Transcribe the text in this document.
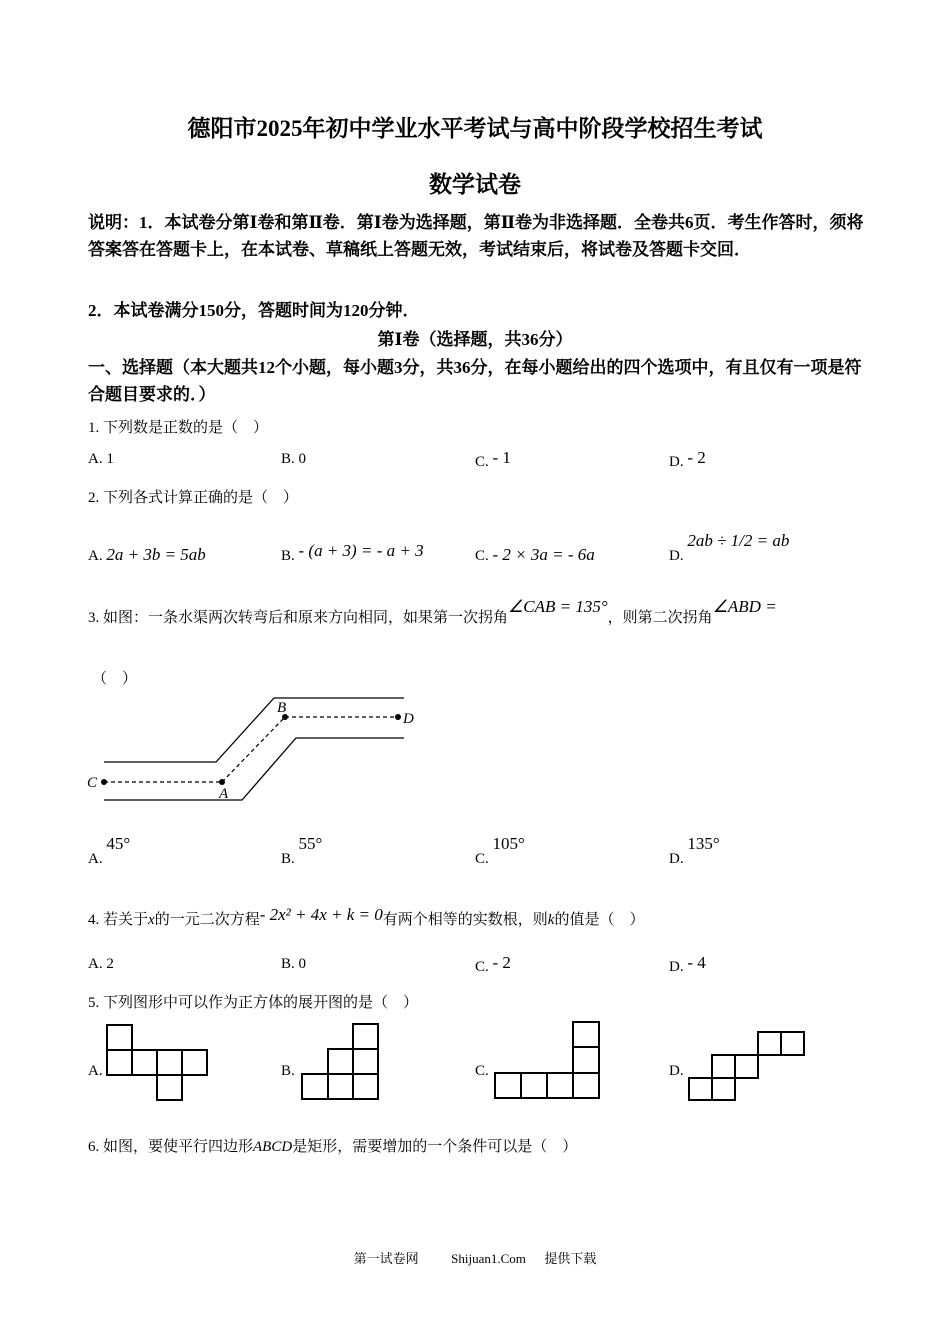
德阳市2025年初中学业水平考试与高中阶段学校招生考试
数学试卷
说明：1．本试卷分第Ⅰ卷和第Ⅱ卷．第Ⅰ卷为选择题，第Ⅱ卷为非选择题．全卷共6页．考生作答时，须将答案答在答题卡上，在本试卷、草稿纸上答题无效，考试结束后，将试卷及答题卡交回．
2．本试卷满分150分，答题时间为120分钟．
第Ⅰ卷（选择题，共36分）
一、选择题（本大题共12个小题，每小题3分，共36分，在每小题给出的四个选项中，有且仅有一项是符合题目要求的．）
1. 下列数是正数的是（　）
A. 1	B. 0	C. - 1	D. - 2
2. 下列各式计算正确的是（　）
A. 2a + 3b = 5ab	B. - (a + 3) = - a + 3	C. - 2 × 3a = - 6a	D. 2ab ÷ 1/2 = ab
3. 如图：一条水渠两次转弯后和原来方向相同，如果第一次拐角∠CAB = 135°，则第二次拐角∠ABD =
（　）
B
D
C
A
A. 45°
B. 55°
C. 105°
D. 135°
4. 若关于x的一元二次方程- 2x² + 4x + k = 0有两个相等的实数根，则k的值是（　）
A. 2	B. 0	C. - 2	D. - 4
5. 下列图形中可以作为正方体的展开图的是（　）
A.	B.	C.	D.
6. 如图，要使平行四边形ABCD是矩形，需要增加的一个条件可以是（　）
第一试卷网	Shijuan1.Com 提供下载
